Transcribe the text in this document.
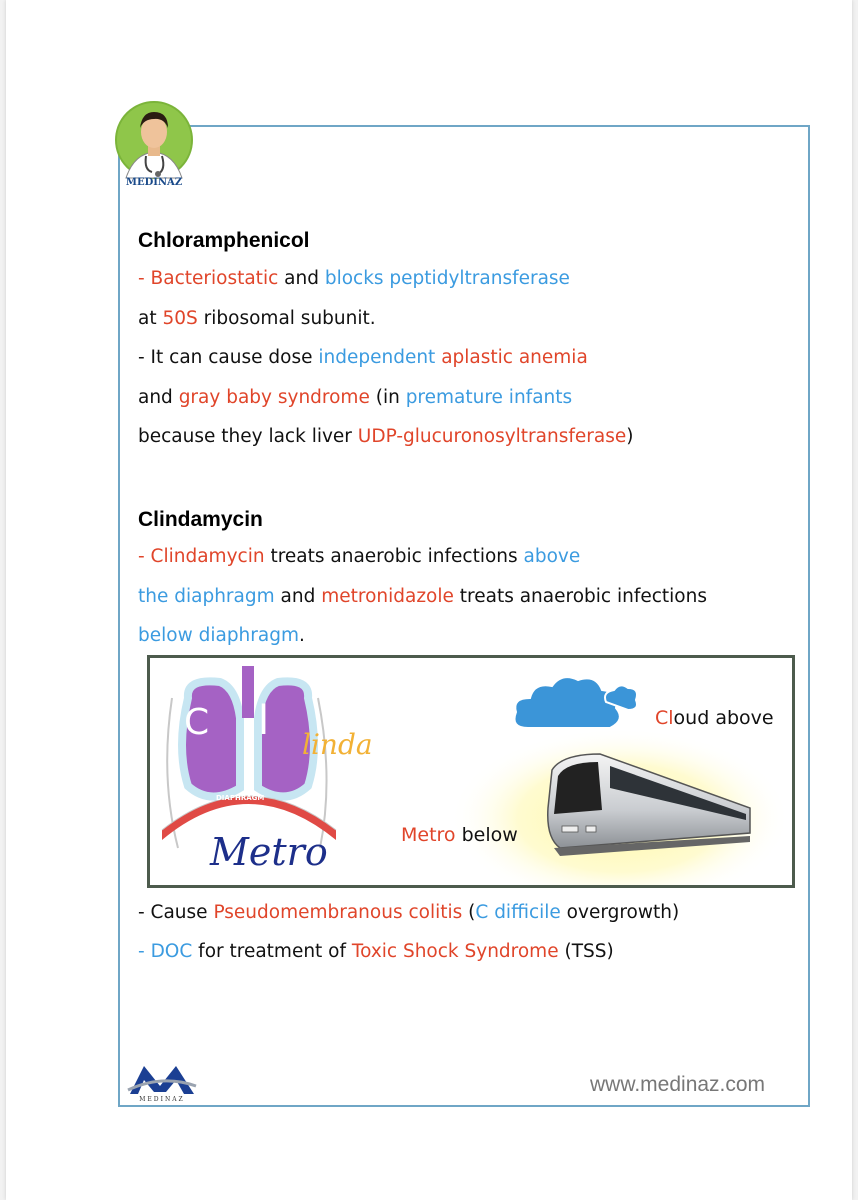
MEDINAZ
Chloramphenicol
- Bacteriostatic and blocks peptidyltransferase
at 50S ribosomal subunit.
- It can cause dose independent aplastic anemia
and gray baby syndrome (in premature infants
because they lack liver UDP-glucuronosyltransferase)
Clindamycin
- Clindamycin treats anaerobic infections above
the diaphragm and metronidazole treats anaerobic infections
below diaphragm.
C l
linda
DIAPHRAGM
Metro
Cloud above
Metro below
- Cause Pseudomembranous colitis (C difficile overgrowth)
- DOC for treatment of Toxic Shock Syndrome (TSS)
MEDINAZ
www.medinaz.com
